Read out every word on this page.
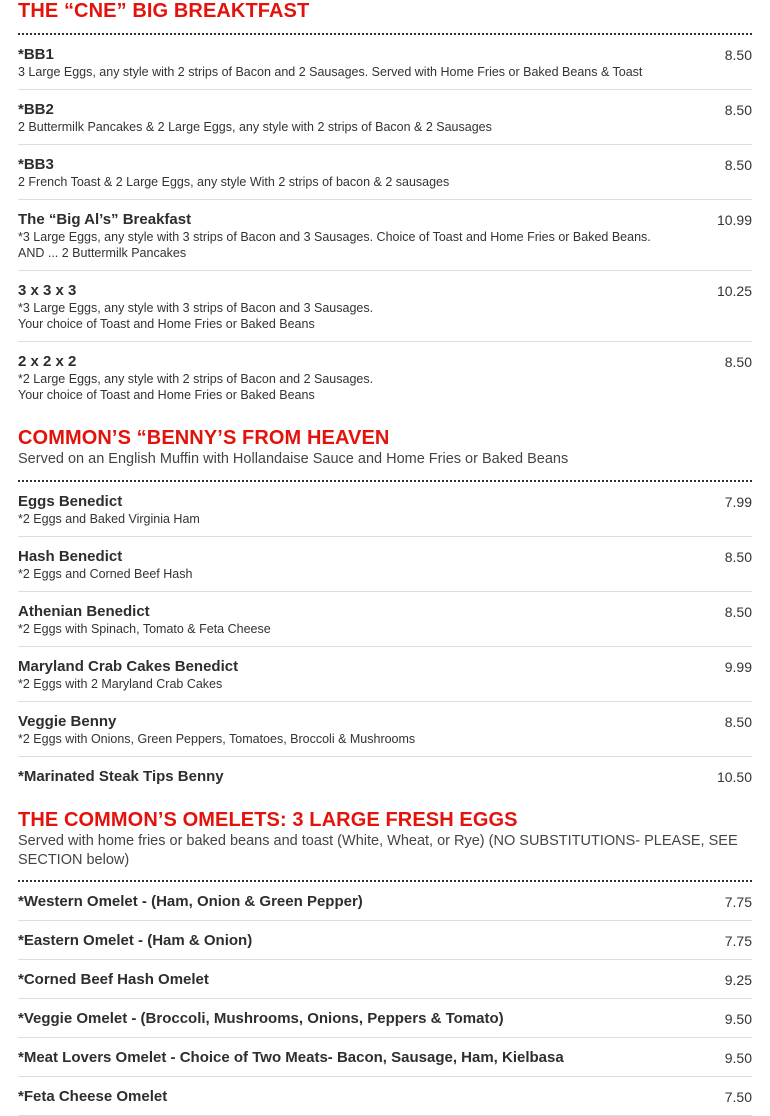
THE “CNE” BIG BREAKTFAST
*BB1	8.50
3 Large Eggs, any style with 2 strips of Bacon and 2 Sausages. Served with Home Fries or Baked Beans & Toast
*BB2	8.50
2 Buttermilk Pancakes & 2 Large Eggs, any style with 2 strips of Bacon & 2 Sausages
*BB3	8.50
2 French Toast & 2 Large Eggs, any style With 2 strips of bacon & 2 sausages
The “Big Al’s” Breakfast	10.99
*3 Large Eggs, any style with 3 strips of Bacon and 3 Sausages. Choice of Toast and Home Fries or Baked Beans.
AND ... 2 Buttermilk Pancakes
3 x 3 x 3	10.25
*3 Large Eggs, any style with 3 strips of Bacon and 3 Sausages.
Your choice of Toast and Home Fries or Baked Beans
2 x 2 x 2	8.50
*2 Large Eggs, any style with 2 strips of Bacon and 2 Sausages.
Your choice of Toast and Home Fries or Baked Beans
COMMON’S “BENNY’S FROM HEAVEN

Served on an English Muffin with Hollandaise Sauce and Home Fries or Baked Beans

Eggs Benedict	7.99
*2 Eggs and Baked Virginia Ham
Hash Benedict	8.50
*2 Eggs and Corned Beef Hash
Athenian Benedict	8.50
*2 Eggs with Spinach, Tomato & Feta Cheese
Maryland Crab Cakes Benedict	9.99
*2 Eggs with 2 Maryland Crab Cakes
Veggie Benny	8.50
*2 Eggs with Onions, Green Peppers, Tomatoes, Broccoli & Mushrooms
*Marinated Steak Tips Benny	10.50
THE COMMON’S OMELETS: 3 LARGE FRESH EGGS

Served with home fries or baked beans and toast (White, Wheat, or Rye) (NO SUBSTITUTIONS- PLEASE, SEE SECTION below)

*Western Omelet - (Ham, Onion & Green Pepper)	7.75
*Eastern Omelet - (Ham & Onion)	7.75
*Corned Beef Hash Omelet	9.25
*Veggie Omelet - (Broccoli, Mushrooms, Onions, Peppers & Tomato)	9.50
*Meat Lovers Omelet - Choice of Two Meats- Bacon, Sausage, Ham, Kielbasa	9.50
*Feta Cheese Omelet	7.50
